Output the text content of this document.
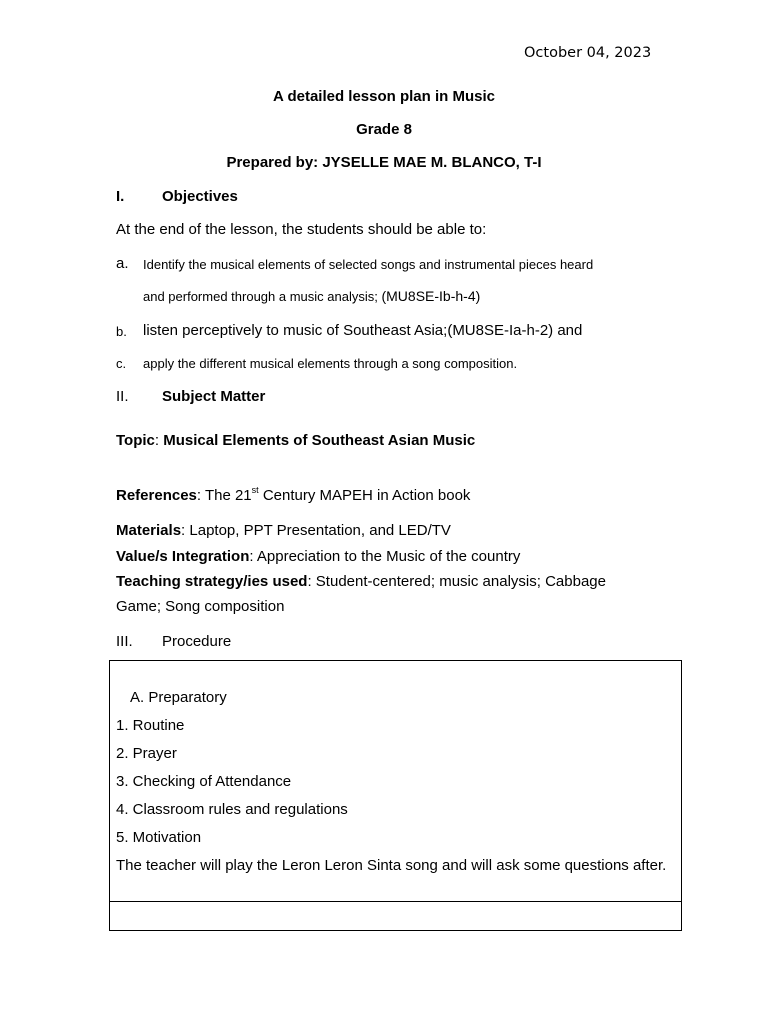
October 04, 2023
A detailed lesson plan in Music
Grade 8
Prepared by: JYSELLE MAE M. BLANCO, T-I
I.	Objectives
At the end of the lesson, the students should be able to:
a. Identify the musical elements of selected songs and instrumental pieces heard
and performed through a music analysis; (MU8SE-Ib-h-4)
b. listen perceptively to music of Southeast Asia;(MU8SE-Ia-h-2) and
c. apply the different musical elements through a song composition.
II. Subject Matter
Topic: Musical Elements of Southeast Asian Music
References: The 21st Century MAPEH in Action book
Materials: Laptop, PPT Presentation, and LED/TV
Value/s Integration: Appreciation to the Music of the country
Teaching strategy/ies used: Student-centered; music analysis; Cabbage
Game; Song composition
III. Procedure
A. Preparatory
1. Routine
2. Prayer
3. Checking of Attendance
4. Classroom rules and regulations
5. Motivation
The teacher will play the Leron Leron Sinta song and will ask some questions after.
